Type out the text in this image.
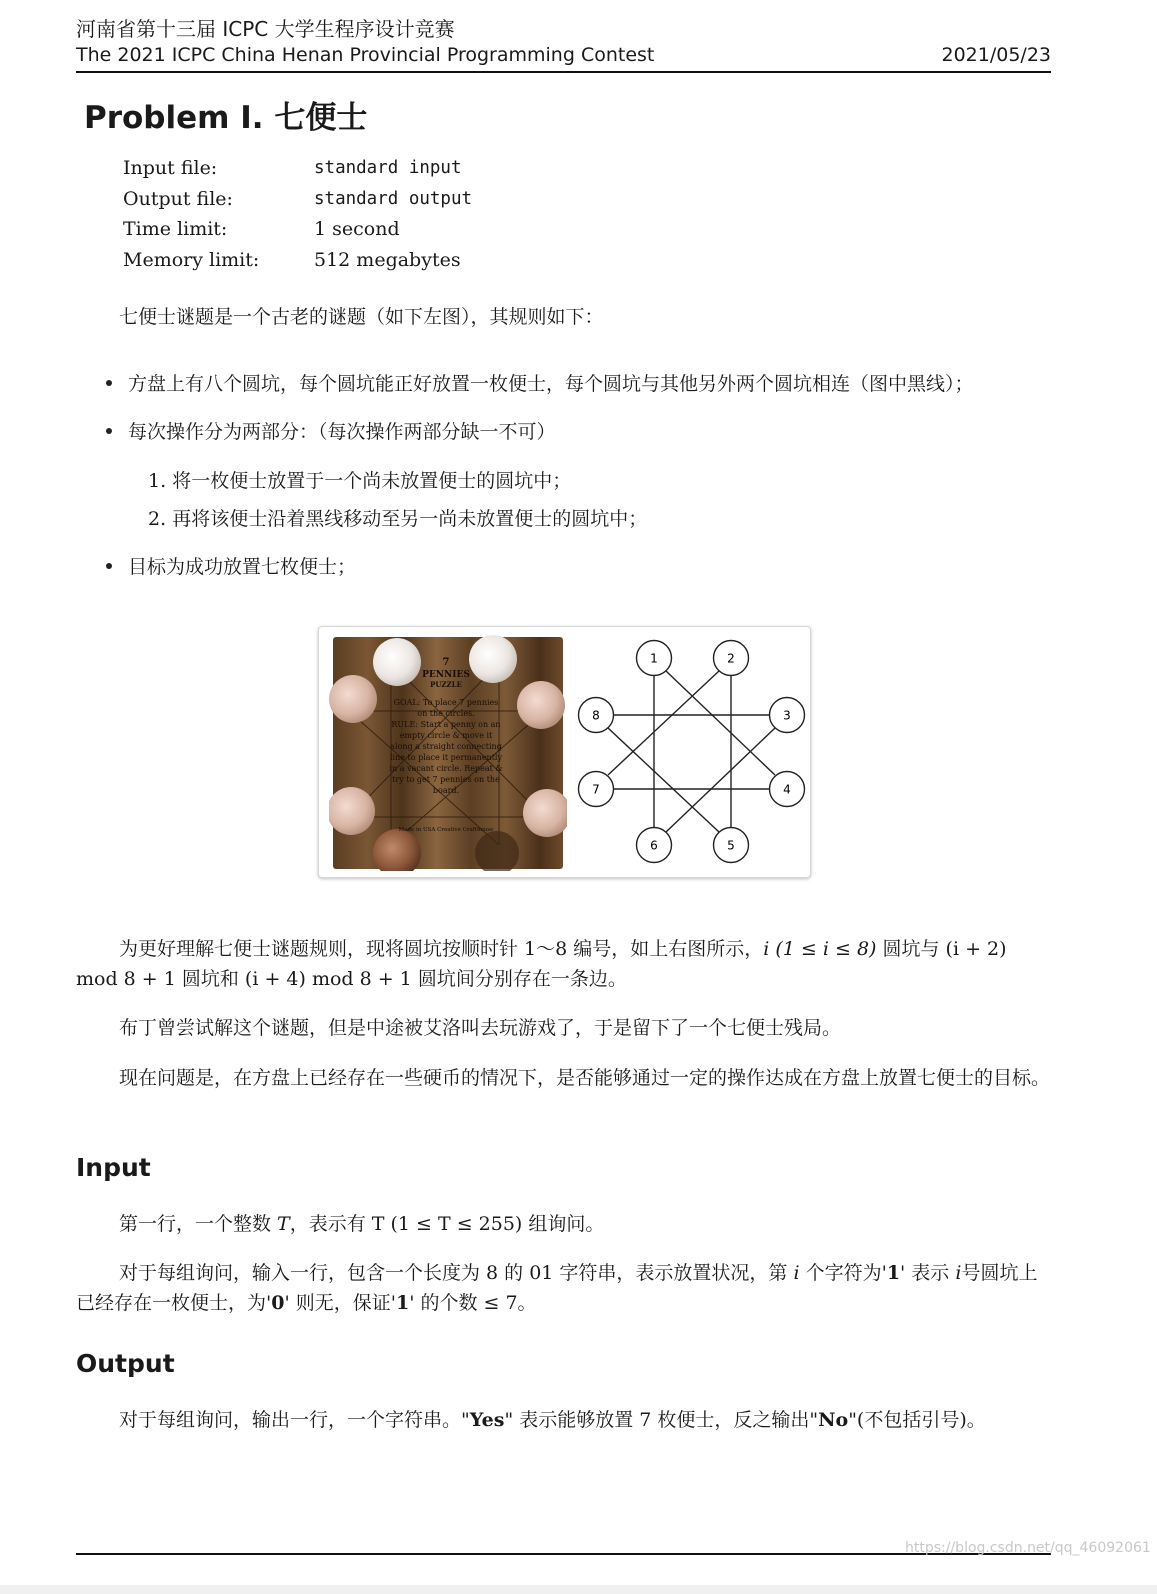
河南省第十三届 ICPC 大学生程序设计竞赛
The 2021 ICPC China Henan Provincial Programming Contest	2021/05/23
Problem I. 七便士
Input file:	standard input
Output file:	standard output
Time limit:	1 second
Memory limit:	512 megabytes
七便士谜题是一个古老的谜题（如下左图），其规则如下：
方盘上有八个圆坑，每个圆坑能正好放置一枚便士，每个圆坑与其他另外两个圆坑相连（图中黑线）；
每次操作分为两部分：（每次操作两部分缺一不可）
1. 将一枚便士放置于一个尚未放置便士的圆坑中；
2. 再将该便士沿着黑线移动至另一尚未放置便士的圆坑中；
目标为成功放置七枚便士；
7
PENNIES
PUZZLE
GOAL: To place 7 pennies
on the circles.
RULE: Start a penny on an
empty circle & move it
along a straight connecting
line to place it permanently
in a vacant circle. Repeat &
try to get 7 pennies on the
board.
Made in USA Creative Crafthouse
1	2
3
4
5
6
7
8
为更好理解七便士谜题规则，现将圆坑按顺时针 1～8 编号，如上右图所示，i (1 ≤ i ≤ 8) 圆坑与 (i + 2) mod 8 + 1 圆坑和 (i + 4) mod 8 + 1 圆坑间分别存在一条边。
布丁曾尝试解这个谜题，但是中途被艾洛叫去玩游戏了，于是留下了一个七便士残局。
现在问题是，在方盘上已经存在一些硬币的情况下，是否能够通过一定的操作达成在方盘上放置七便士的目标。
Input
第一行，一个整数 T，表示有 T (1 ≤ T ≤ 255) 组询问。
对于每组询问，输入一行，包含一个长度为 8 的 01 字符串，表示放置状况，第 i 个字符为'1' 表示 i号圆坑上已经存在一枚便士，为'0' 则无，保证'1' 的个数 ≤ 7。
Output
对于每组询问，输出一行，一个字符串。"Yes" 表示能够放置 7 枚便士，反之输出"No"(不包括引号)。
https://blog.csdn.net/qq_46092061
